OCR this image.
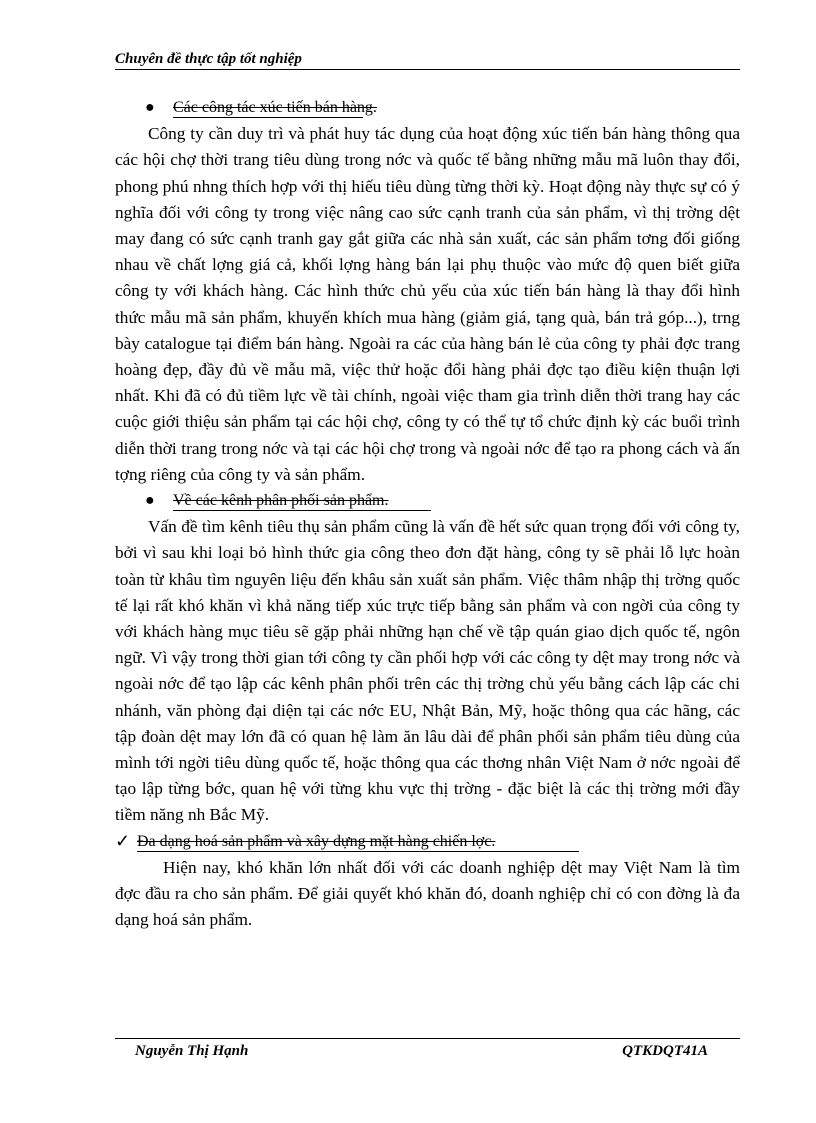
Chuyên đề thực tập tốt nghiệp
● Các công tác xúc tiến bán hàng.

Công ty cần duy trì và phát huy tác dụng của hoạt động xúc tiến bán hàng thông qua các hội chợ thời trang tiêu dùng trong nớc và quốc tế bằng những mẫu mã luôn thay đổi, phong phú nhng thích hợp với thị hiếu tiêu dùng từng thời kỳ. Hoạt động này thực sự có ý nghĩa đối với công ty trong việc nâng cao sức cạnh tranh của sản phẩm, vì thị trờng dệt may đang có sức cạnh tranh gay gắt giữa các nhà sản xuất, các sản phẩm tơng đối giống nhau về chất lợng giá cả, khối lợng hàng bán lại phụ thuộc vào mức độ quen biết giữa công ty với khách hàng. Các hình thức chủ yếu của xúc tiến bán hàng là thay đổi hình thức mẫu mã sản phẩm, khuyến khích mua hàng (giảm giá, tạng quà, bán trả góp...), trng bày catalogue tại điểm bán hàng. Ngoài ra các của hàng bán lẻ của công ty phải đợc trang hoàng đẹp, đầy đủ về mẫu mã, việc thử hoặc đổi hàng phải đợc tạo điều kiện thuận lợi nhất. Khi đã có đủ tiềm lực về tài chính, ngoài việc tham gia trình diễn thời trang hay các cuộc giới thiệu sản phẩm tại các hội chợ, công ty có thể tự tổ chức định kỳ các buổi trình diễn thời trang trong nớc và tại các hội chợ trong và ngoài nớc để tạo ra phong cách và ấn tợng riêng của công ty và sản phẩm.

● Về các kênh phân phối sản phẩm.

Vấn đề tìm kênh tiêu thụ sản phẩm cũng là vấn đề hết sức quan trọng đối với công ty, bởi vì sau khi loại bỏ hình thức gia công theo đơn đặt hàng, công ty sẽ phải lỗ lực hoàn toàn từ khâu tìm nguyên liệu đến khâu sản xuất sản phẩm. Việc thâm nhập thị trờng quốc tế lại rất khó khăn vì khả năng tiếp xúc trực tiếp bằng sản phẩm và con ngời của công ty với khách hàng mục tiêu sẽ gặp phải những hạn chế về tập quán giao dịch quốc tế, ngôn ngữ. Vì vậy trong thời gian tới công ty cần phối hợp với các công ty dệt may trong nớc và ngoài nớc để tạo lập các kênh phân phối trên các thị trờng chủ yếu bằng cách lập các chi nhánh, văn phòng đại diện tại các nớc EU, Nhật Bản, Mỹ, hoặc thông qua các hãng, các tập đoàn dệt may lớn đã có quan hệ làm ăn lâu dài để phân phối sản phẩm tiêu dùng của mình tới ngời tiêu dùng quốc tế, hoặc thông qua các thơng nhân Việt Nam ở nớc ngoài để tạo lập từng bớc, quan hệ với từng khu vực thị trờng - đặc biệt là các thị trờng mới đầy tiềm năng nh Bắc Mỹ.

✓ Đa dạng hoá sản phẩm và xây dựng mặt hàng chiến lợc.

Hiện nay, khó khăn lớn nhất đối với các doanh nghiệp dệt may Việt Nam là tìm đợc đầu ra cho sản phẩm. Để giải quyết khó khăn đó, doanh nghiệp chỉ có con đờng là đa dạng hoá sản phẩm.

Nguyễn Thị Hạnh	QTKDQT41A
